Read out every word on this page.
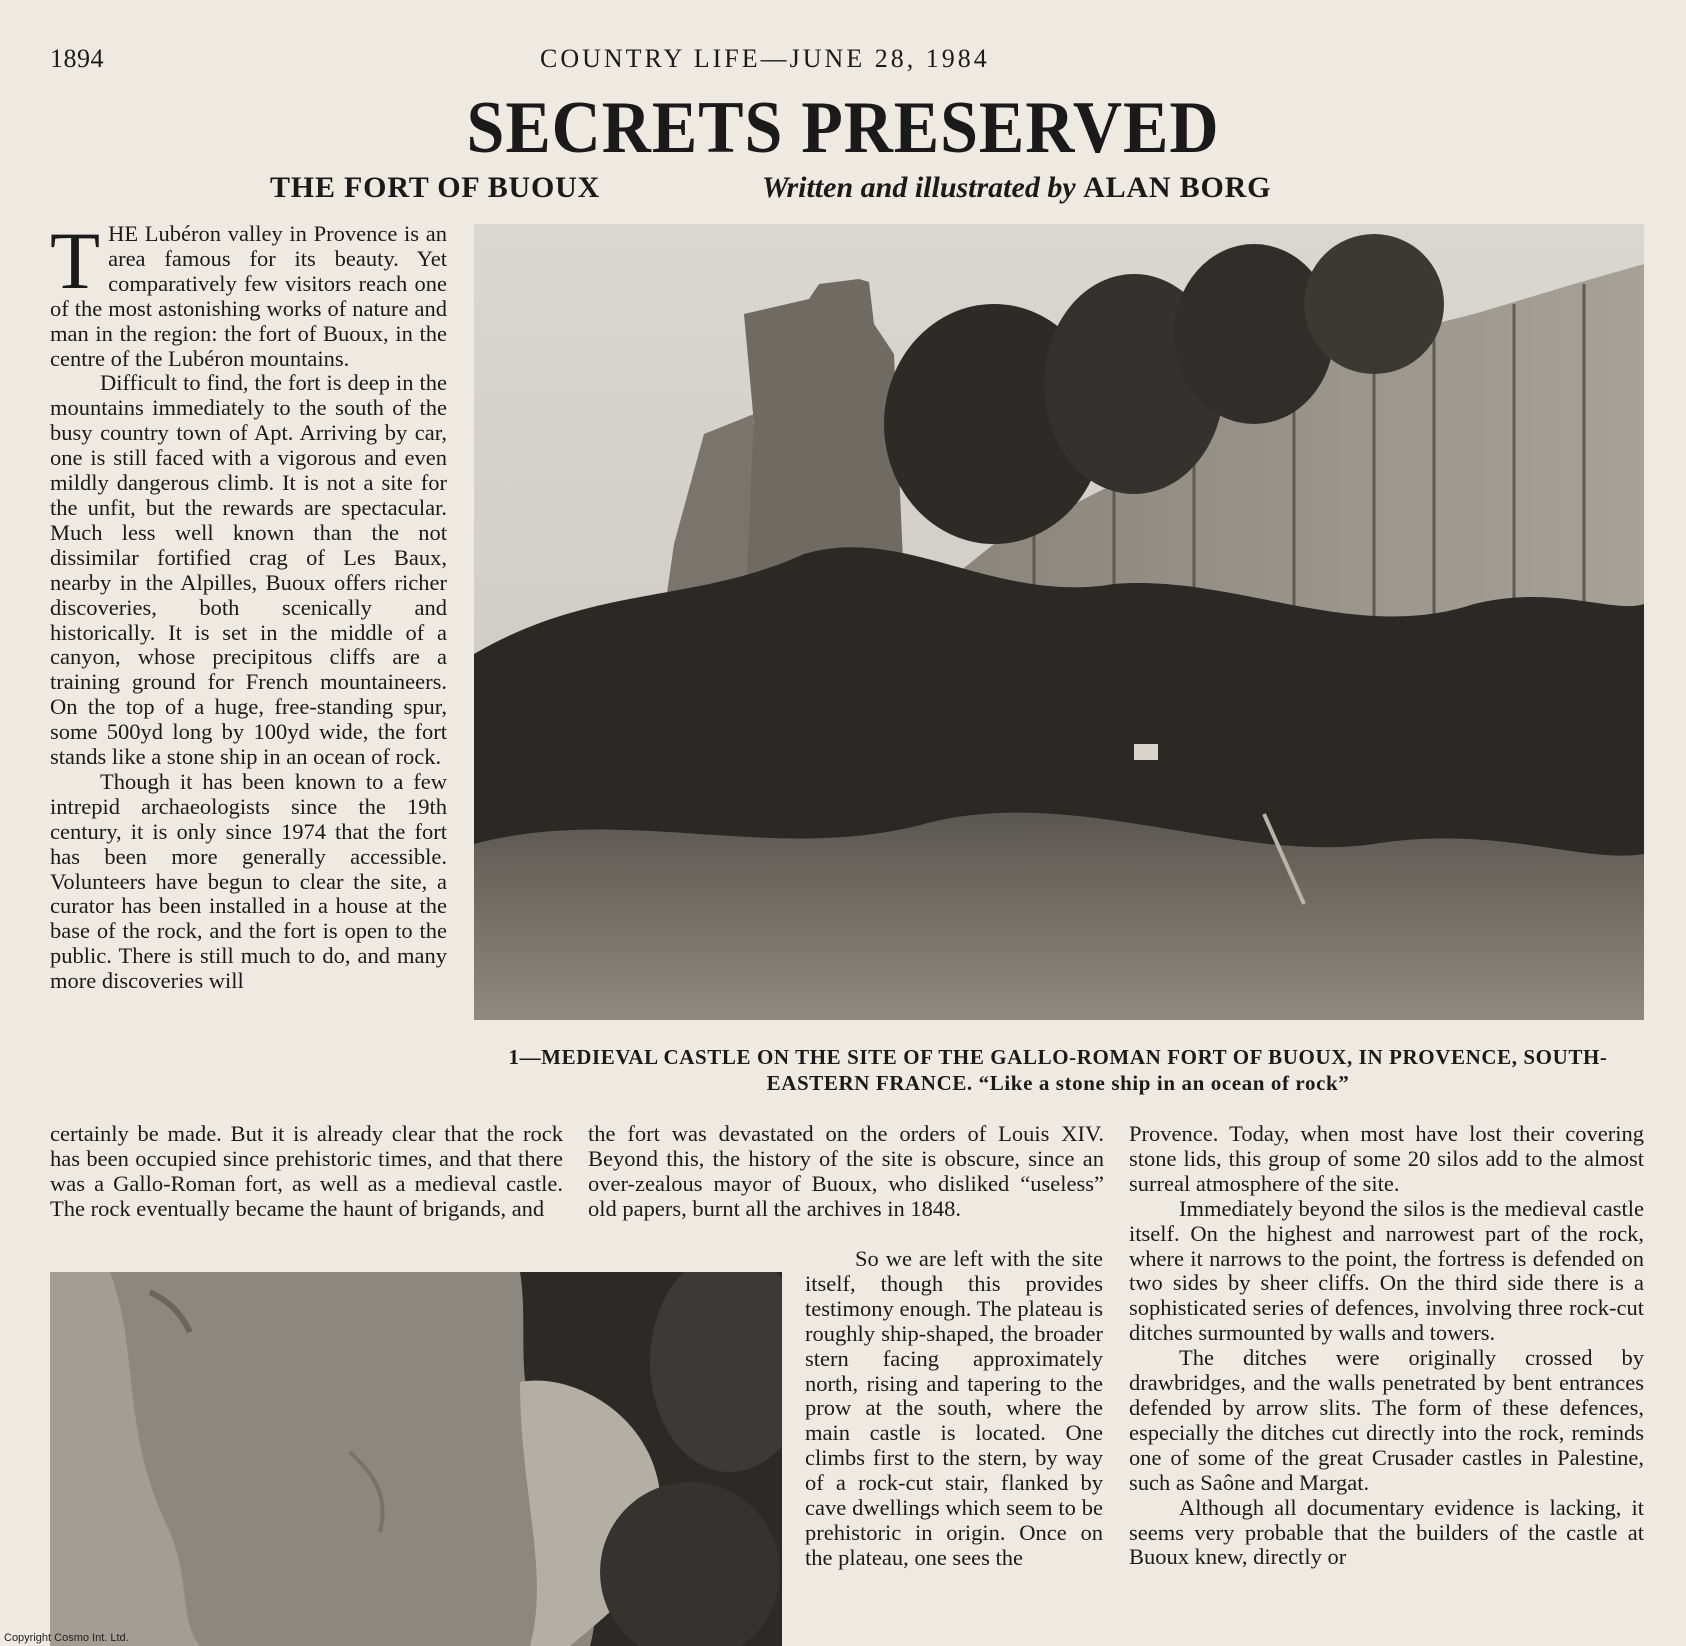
1894	COUNTRY LIFE—JUNE 28, 1984
SECRETS PRESERVED
THE FORT OF BUOUX	Written and illustrated by ALAN BORG

THE Lubéron valley in Provence is an area famous for its beauty. Yet comparatively few visitors reach one of the most astonishing works of nature and man in the region: the fort of Buoux, in the centre of the Lubéron mountains.

Difficult to find, the fort is deep in the mountains immediately to the south of the busy country town of Apt. Arriving by car, one is still faced with a vigorous and even mildly dangerous climb. It is not a site for the unfit, but the rewards are spectacular. Much less well known than the not dissimilar fortified crag of Les Baux, nearby in the Alpilles, Buoux offers richer discoveries, both scenically and historically. It is set in the middle of a canyon, whose precipitous cliffs are a training ground for French mountaineers. On the top of a huge, free-standing spur, some 500yd long by 100yd wide, the fort stands like a stone ship in an ocean of rock.

Though it has been known to a few intrepid archaeologists since the 19th century, it is only since 1974 that the fort has been more generally accessible. Volunteers have begun to clear the site, a curator has been installed in a house at the base of the rock, and the fort is open to the public. There is still much to do, and many more discoveries will

1—MEDIEVAL CASTLE ON THE SITE OF THE GALLO-ROMAN FORT OF BUOUX, IN PROVENCE, SOUTH-EASTERN FRANCE. “Like a stone ship in an ocean of rock”

certainly be made. But it is already clear that the rock has been occupied since prehistoric times, and that there was a Gallo-Roman fort, as well as a medieval castle. The rock eventually became the haunt of brigands, and

the fort was devastated on the orders of Louis XIV. Beyond this, the history of the site is obscure, since an over-zealous mayor of Buoux, who disliked “useless” old papers, burnt all the archives in 1848.

So we are left with the site itself, though this provides testimony enough. The plateau is roughly ship-shaped, the broader stern facing approximately north, rising and tapering to the prow at the south, where the main castle is located. One climbs first to the stern, by way of a rock-cut stair, flanked by cave dwellings which seem to be prehistoric in origin. Once on the plateau, one sees the

Provence. Today, when most have lost their covering stone lids, this group of some 20 silos add to the almost surreal atmosphere of the site.

Immediately beyond the silos is the medieval castle itself. On the highest and narrowest part of the rock, where it narrows to the point, the fortress is defended on two sides by sheer cliffs. On the third side there is a sophisticated series of defences, involving three rock-cut ditches surmounted by walls and towers.

The ditches were originally crossed by drawbridges, and the walls penetrated by bent entrances defended by arrow slits. The form of these defences, especially the ditches cut directly into the rock, reminds one of some of the great Crusader castles in Palestine, such as Saône and Margat.

Although all documentary evidence is lacking, it seems very probable that the builders of the castle at Buoux knew, directly or

Copyright Cosmo Int. Ltd.
